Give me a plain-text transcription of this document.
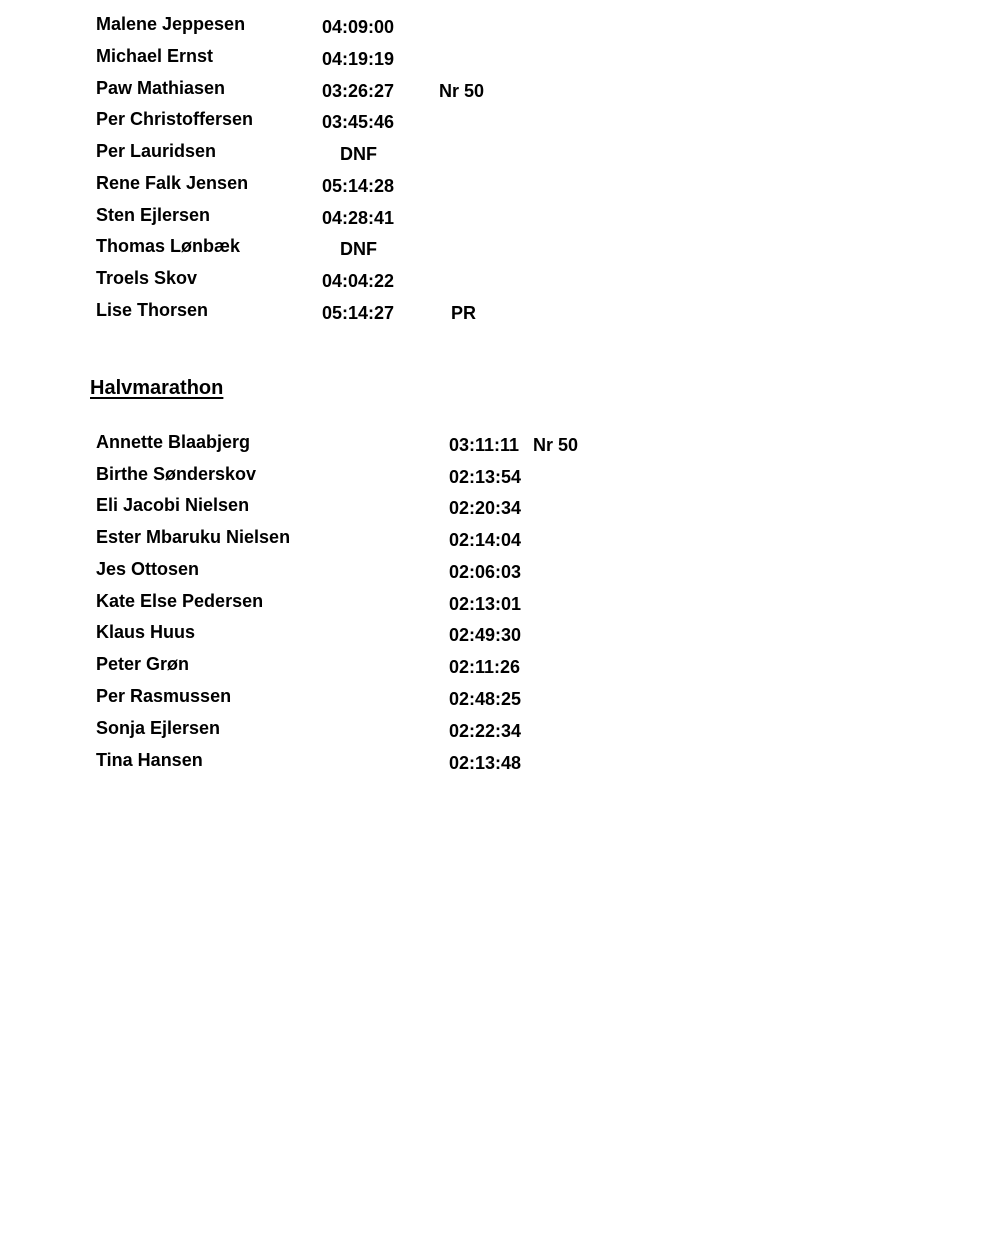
Malene Jeppesen	04:09:00
Michael Ernst	04:19:19
Paw Mathiasen	03:26:27 Nr 50
Per Christoffersen	03:45:46
Per Lauridsen	DNF
Rene Falk Jensen	05:14:28
Sten Ejlersen	04:28:41
Thomas Lønbæk	DNF
Troels Skov	04:04:22
Lise Thorsen	05:14:27	PR
Halvmarathon
Annette Blaabjerg	03:11:11 Nr 50
Birthe Sønderskov	02:13:54
Eli Jacobi Nielsen	02:20:34
Ester Mbaruku Nielsen	02:14:04
Jes Ottosen	02:06:03
Kate Else Pedersen	02:13:01
Klaus Huus	02:49:30
Peter Grøn	02:11:26
Per Rasmussen	02:48:25
Sonja Ejlersen	02:22:34
Tina Hansen	02:13:48
